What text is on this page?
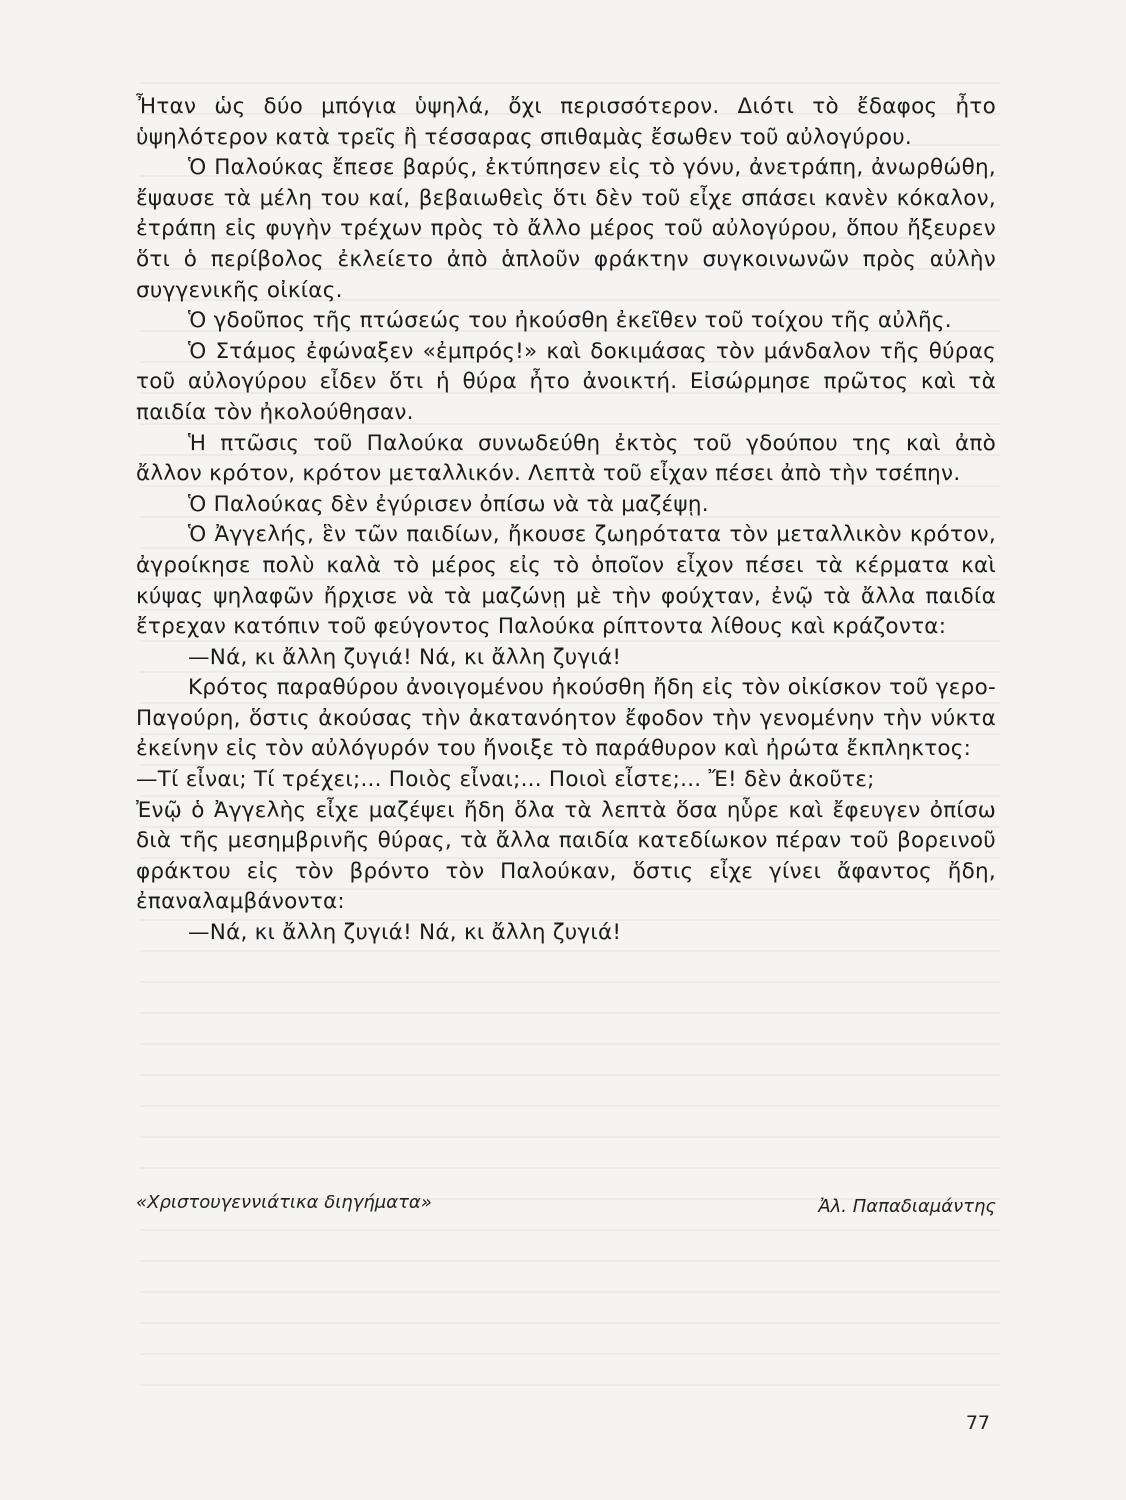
Ἦταν ὡς δύο μπόγια ὑψηλά, ὄχι περισσότερον. Διότι τὸ ἔδαφος ἦτο ὑψηλότερον κατὰ τρεῖς ἢ τέσσαρας σπιθαμὰς ἔσωθεν τοῦ αὐλογύρου.

Ὁ Παλούκας ἔπεσε βαρύς, ἐκτύπησεν εἰς τὸ γόνυ, ἀνετράπη, ἀνωρθώθη, ἔψαυσε τὰ μέλη του καί, βεβαιωθεὶς ὅτι δὲν τοῦ εἶχε σπάσει κανὲν κόκαλον, ἐτράπη εἰς φυγὴν τρέχων πρὸς τὸ ἄλλο μέρος τοῦ αὐλογύρου, ὅπου ἤξευρεν ὅτι ὁ περίβολος ἐκλείετο ἀπὸ ἁπλοῦν φράκτην συγκοινωνῶν πρὸς αὐλὴν συγγενικῆς οἰκίας.

Ὁ γδοῦπος τῆς πτώσεώς του ἠκούσθη ἐκεῖθεν τοῦ τοίχου τῆς αὐλῆς.

Ὁ Στάμος ἐφώναξεν «ἐμπρός!» καὶ δοκιμάσας τὸν μάνδαλον τῆς θύρας τοῦ αὐλογύρου εἶδεν ὅτι ἡ θύρα ἦτο ἀνοικτή. Εἰσώρμησε πρῶτος καὶ τὰ παιδία τὸν ἠκολούθησαν.

Ἡ πτῶσις τοῦ Παλούκα συνωδεύθη ἐκτὸς τοῦ γδούπου της καὶ ἀπὸ ἄλλον κρότον, κρότον μεταλλικόν. Λεπτὰ τοῦ εἶχαν πέσει ἀπὸ τὴν τσέπην.

Ὁ Παλούκας δὲν ἐγύρισεν ὀπίσω νὰ τὰ μαζέψῃ.

Ὁ Ἀγγελής, ἓν τῶν παιδίων, ἤκουσε ζωηρότατα τὸν μεταλλικὸν κρότον, ἀγροίκησε πολὺ καλὰ τὸ μέρος εἰς τὸ ὁποῖον εἶχον πέσει τὰ κέρματα καὶ κύψας ψηλαφῶν ἤρχισε νὰ τὰ μαζώνῃ μὲ τὴν φούχταν, ἐνῷ τὰ ἄλλα παιδία ἔτρεχαν κατόπιν τοῦ φεύγοντος Παλούκα ρίπτοντα λίθους καὶ κράζοντα:

—Νά, κι ἄλλη ζυγιά! Νά, κι ἄλλη ζυγιά!

Κρότος παραθύρου ἀνοιγομένου ἠκούσθη ἤδη εἰς τὸν οἰκίσκον τοῦ γερο-Παγούρη, ὅστις ἀκούσας τὴν ἀκατανόητον ἔφοδον τὴν γενομένην τὴν νύκτα ἐκείνην εἰς τὸν αὐλόγυρόν του ἤνοιξε τὸ παράθυρον καὶ ἠρώτα ἔκπληκτος:

—Τί εἶναι; Τί τρέχει;... Ποιὸς εἶναι;... Ποιοὶ εἶστε;... Ἔ! δὲν ἀκοῦτε;

Ἐνῷ ὁ Ἀγγελὴς εἶχε μαζέψει ἤδη ὅλα τὰ λεπτὰ ὅσα ηὗρε καὶ ἔφευγεν ὀπίσω διὰ τῆς μεσημβρινῆς θύρας, τὰ ἄλλα παιδία κατεδίωκον πέραν τοῦ βορεινοῦ φράκτου εἰς τὸν βρόντο τὸν Παλούκαν, ὅστις εἶχε γίνει ἄφαντος ἤδη, ἐπαναλαμβάνοντα:

—Νά, κι ἄλλη ζυγιά! Νά, κι ἄλλη ζυγιά!

«Χριστουγεννιάτικα διηγήματα»	Ἀλ. Παπαδιαμάντης
77
